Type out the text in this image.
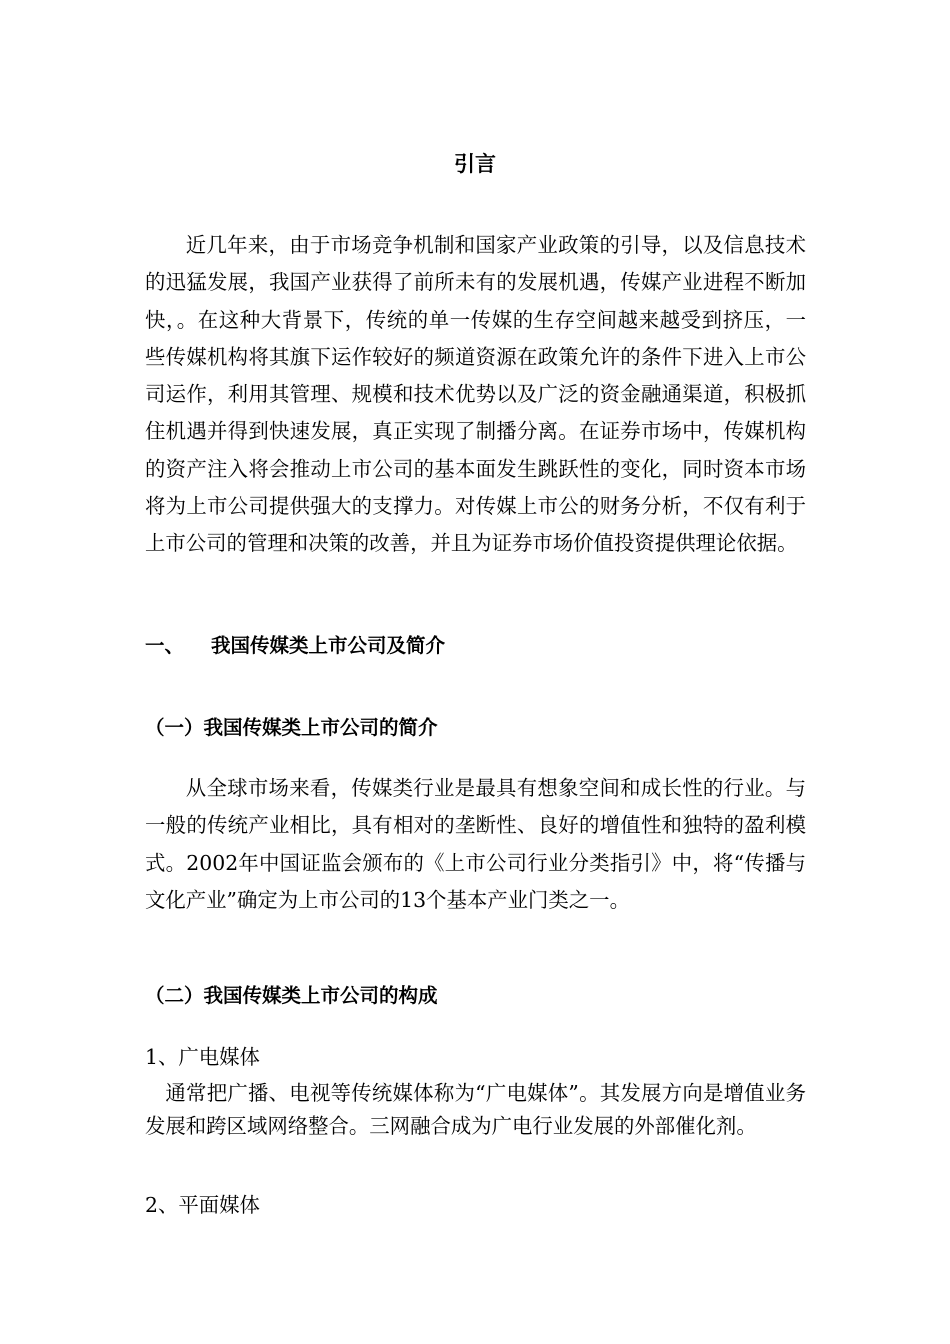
引言

近几年来，由于市场竞争机制和国家产业政策的引导，以及信息技术的迅猛发展，我国产业获得了前所未有的发展机遇，传媒产业进程不断加快，。在这种大背景下，传统的单一传媒的生存空间越来越受到挤压，一些传媒机构将其旗下运作较好的频道资源在政策允许的条件下进入上市公司运作，利用其管理、规模和技术优势以及广泛的资金融通渠道，积极抓住机遇并得到快速发展，真正实现了制播分离。在证券市场中，传媒机构的资产注入将会推动上市公司的基本面发生跳跃性的变化，同时资本市场将为上市公司提供强大的支撑力。对传媒上市公的财务分析，不仅有利于上市公司的管理和决策的改善，并且为证券市场价值投资提供理论依据。

一、 我国传媒类上市公司及简介

（一）我国传媒类上市公司的简介

从全球市场来看，传媒类行业是最具有想象空间和成长性的行业。与一般的传统产业相比，具有相对的垄断性、良好的增值性和独特的盈利模式。2002年中国证监会颁布的《上市公司行业分类指引》中，将“传播与文化产业”确定为上市公司的13个基本产业门类之一。

（二）我国传媒类上市公司的构成

1、广电媒体

通常把广播、电视等传统媒体称为“广电媒体”。其发展方向是增值业务发展和跨区域网络整合。三网融合成为广电行业发展的外部催化剂。

2、平面媒体
